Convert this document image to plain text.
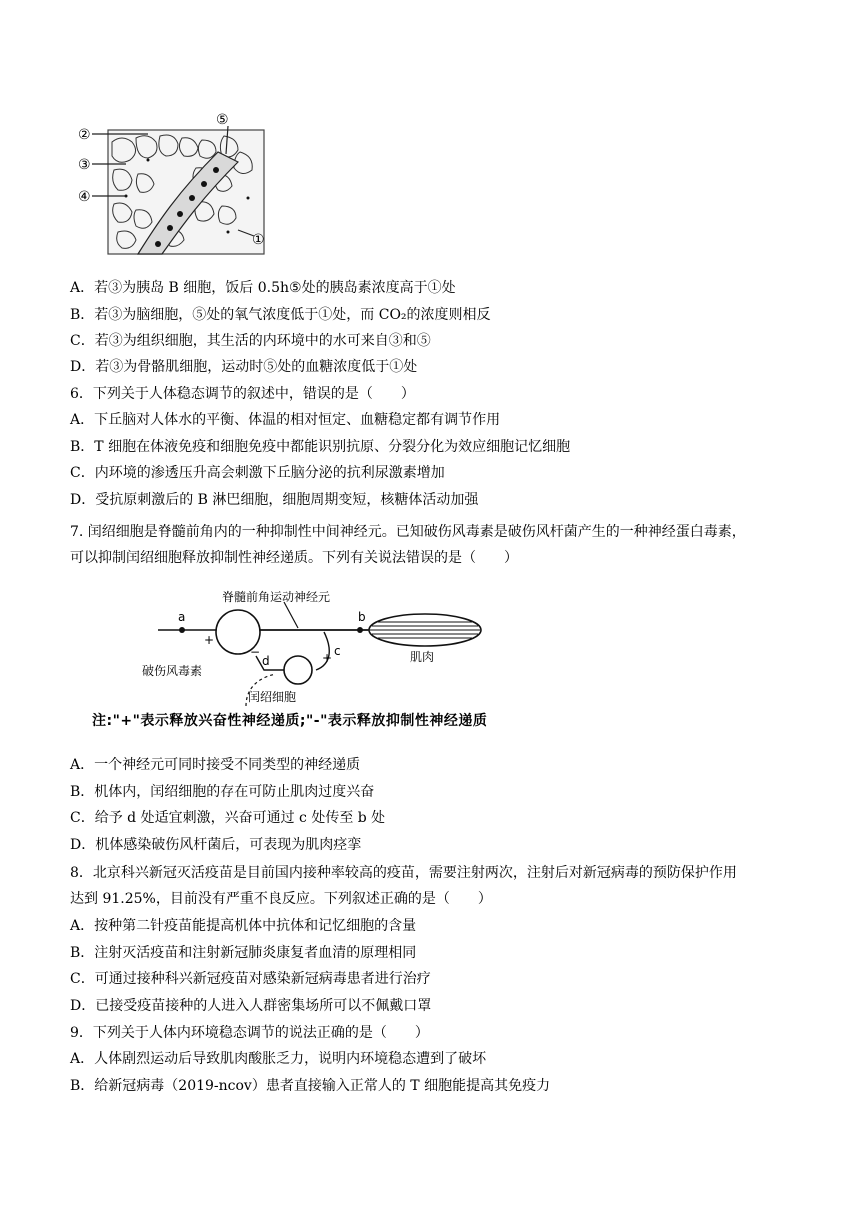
②
③
④
⑤
①
A．若③为胰岛 B 细胞，饭后 0.5h⑤处的胰岛素浓度高于①处
B．若③为脑细胞，⑤处的氧气浓度低于①处，而 CO₂的浓度则相反
C．若③为组织细胞，其生活的内环境中的水可来自③和⑤
D．若③为骨骼肌细胞，运动时⑤处的血糖浓度低于①处
6．下列关于人体稳态调节的叙述中，错误的是（　　）
A．下丘脑对人体水的平衡、体温的相对恒定、血糖稳定都有调节作用
B．T 细胞在体液免疫和细胞免疫中都能识别抗原、分裂分化为效应细胞记忆细胞
C．内环境的渗透压升高会刺激下丘脑分泌的抗利尿激素增加
D．受抗原刺激后的 B 淋巴细胞，细胞周期变短，核糖体活动加强
7. 闰绍细胞是脊髓前角内的一种抑制性中间神经元。已知破伤风毒素是破伤风杆菌产生的一种神经蛋白毒素，
可以抑制闰绍细胞释放抑制性神经递质。下列有关说法错误的是（　　）
+
+
−
脊髓前角运动神经元
a	b
c
d	肌肉
破伤风毒素
闰绍细胞
注:"+"表示释放兴奋性神经递质;"-"表示释放抑制性神经递质
A．一个神经元可同时接受不同类型的神经递质
B．机体内，闰绍细胞的存在可防止肌肉过度兴奋
C．给予 d 处适宜刺激，兴奋可通过 c 处传至 b 处
D．机体感染破伤风杆菌后，可表现为肌肉痉挛
8．北京科兴新冠灭活疫苗是目前国内接种率较高的疫苗，需要注射两次，注射后对新冠病毒的预防保护作用
达到 91.25%，目前没有严重不良反应。下列叙述正确的是（　　）
A．按种第二针疫苗能提高机体中抗体和记忆细胞的含量
B．注射灭活疫苗和注射新冠肺炎康复者血清的原理相同
C．可通过接种科兴新冠疫苗对感染新冠病毒患者进行治疗
D．已接受疫苗接种的人进入人群密集场所可以不佩戴口罩
9．下列关于人体内环境稳态调节的说法正确的是（　　）
A．人体剧烈运动后导致肌肉酸胀乏力，说明内环境稳态遭到了破坏
B．给新冠病毒（2019-ncov）患者直接输入正常人的 T 细胞能提高其免疫力
